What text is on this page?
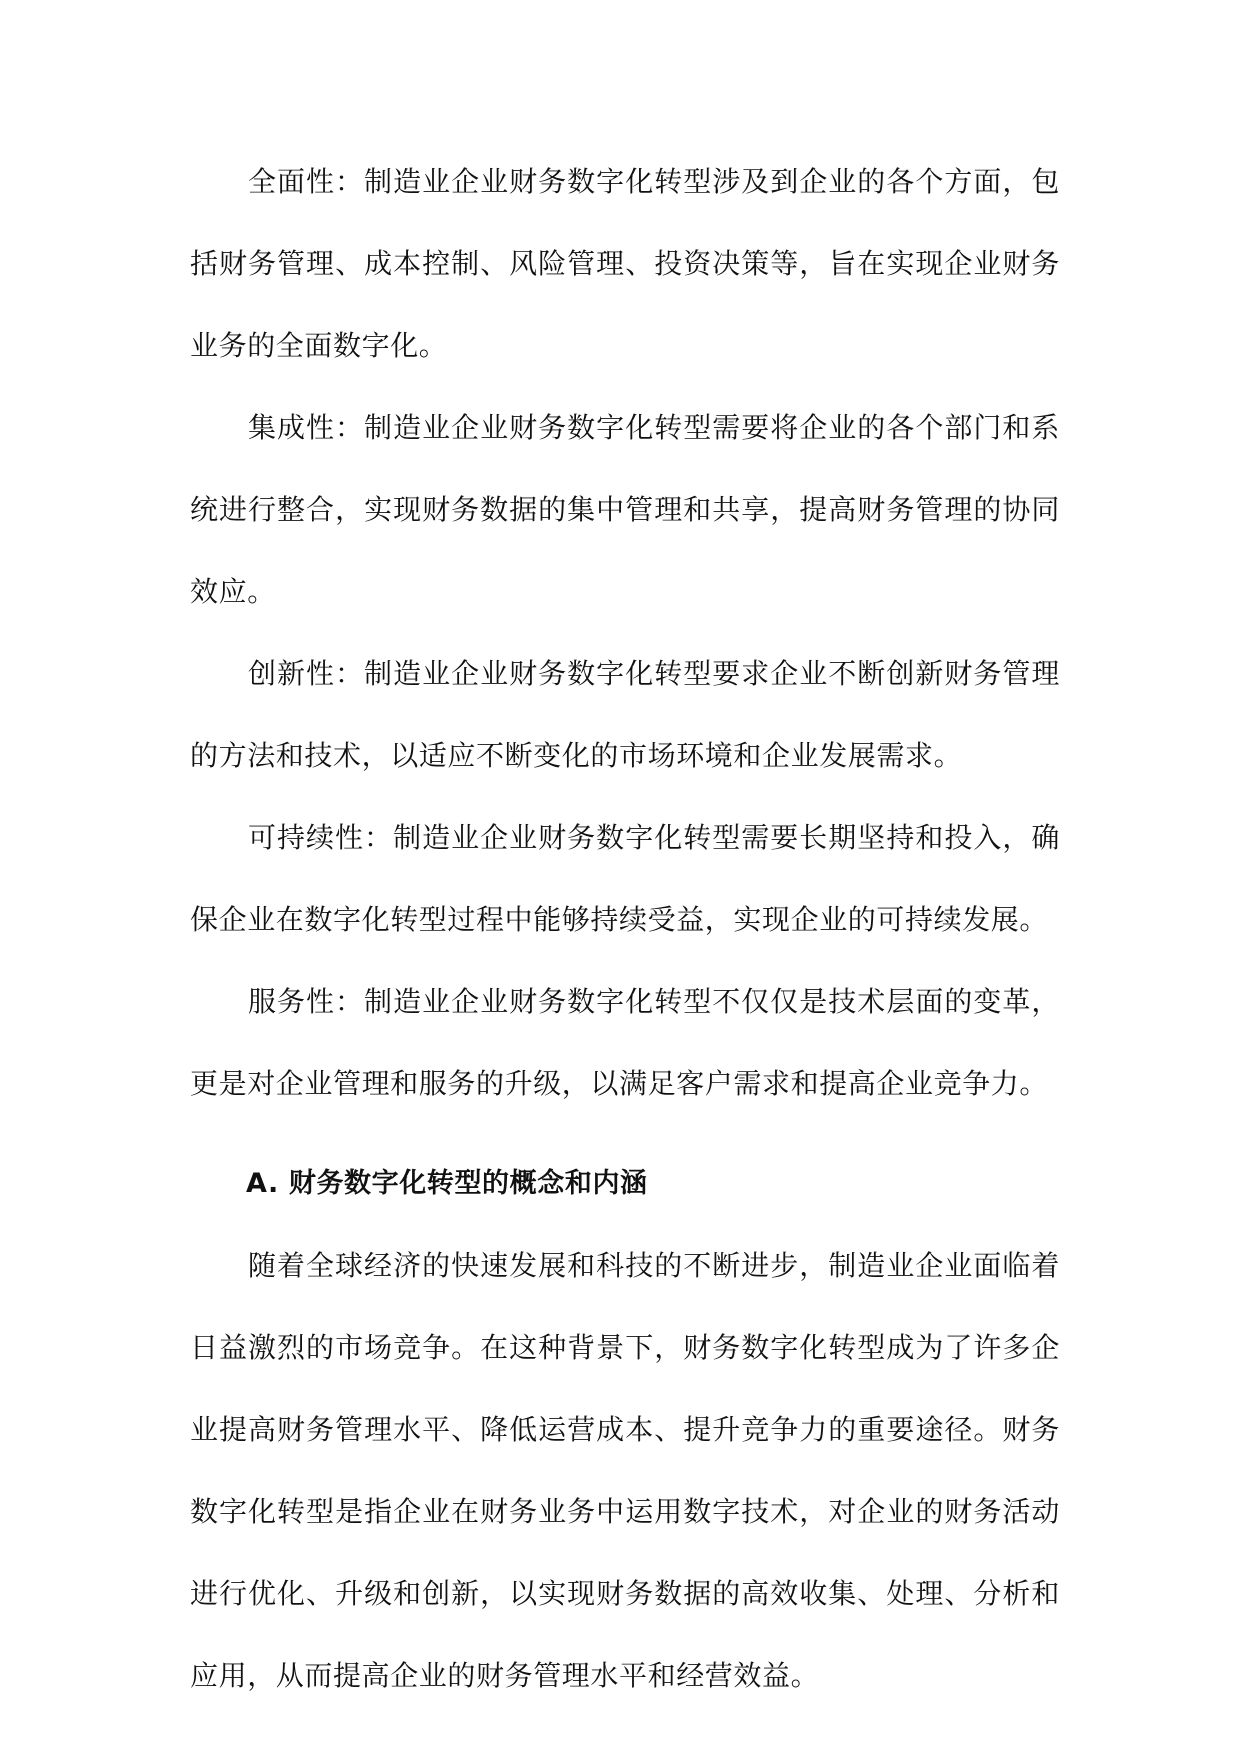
全面性：制造业企业财务数字化转型涉及到企业的各个方面，包括财务管理、成本控制、风险管理、投资决策等，旨在实现企业财务业务的全面数字化。

集成性：制造业企业财务数字化转型需要将企业的各个部门和系统进行整合，实现财务数据的集中管理和共享，提高财务管理的协同效应。

创新性：制造业企业财务数字化转型要求企业不断创新财务管理的方法和技术，以适应不断变化的市场环境和企业发展需求。

可持续性：制造业企业财务数字化转型需要长期坚持和投入，确保企业在数字化转型过程中能够持续受益，实现企业的可持续发展。

服务性：制造业企业财务数字化转型不仅仅是技术层面的变革，更是对企业管理和服务的升级，以满足客户需求和提高企业竞争力。

A. 财务数字化转型的概念和内涵

随着全球经济的快速发展和科技的不断进步，制造业企业面临着日益激烈的市场竞争。在这种背景下，财务数字化转型成为了许多企业提高财务管理水平、降低运营成本、提升竞争力的重要途径。财务数字化转型是指企业在财务业务中运用数字技术，对企业的财务活动进行优化、升级和创新，以实现财务数据的高效收集、处理、分析和应用，从而提高企业的财务管理水平和经营效益。
